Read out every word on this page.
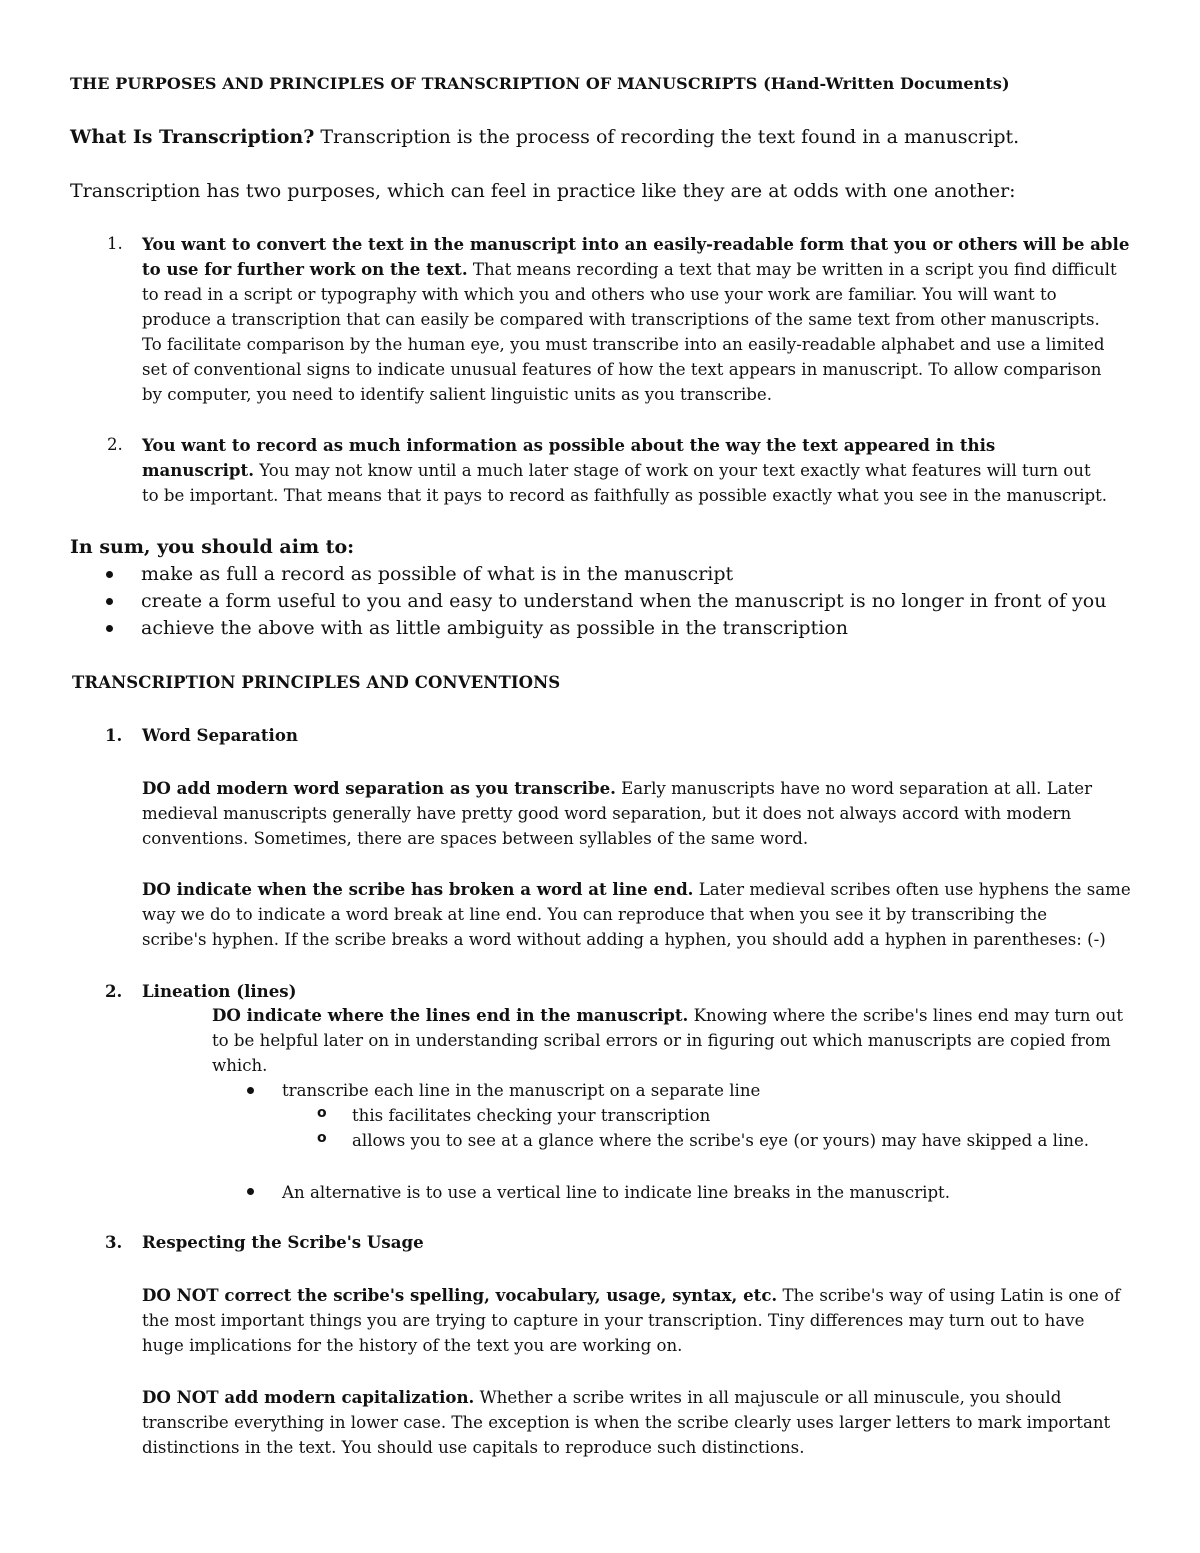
THE PURPOSES AND PRINCIPLES OF TRANSCRIPTION OF MANUSCRIPTS (Hand-Written Documents)
What Is Transcription? Transcription is the process of recording the text found in a manuscript.
Transcription has two purposes, which can feel in practice like they are at odds with one another:
1. You want to convert the text in the manuscript into an easily-readable form that you or others will be able
to use for further work on the text. That means recording a text that may be written in a script you find difficult
to read in a script or typography with which you and others who use your work are familiar. You will want to
produce a transcription that can easily be compared with transcriptions of the same text from other manuscripts.
To facilitate comparison by the human eye, you must transcribe into an easily-readable alphabet and use a limited
set of conventional signs to indicate unusual features of how the text appears in manuscript. To allow comparison
by computer, you need to identify salient linguistic units as you transcribe.
2. You want to record as much information as possible about the way the text appeared in this
manuscript. You may not know until a much later stage of work on your text exactly what features will turn out
to be important. That means that it pays to record as faithfully as possible exactly what you see in the manuscript.
In sum, you should aim to:
make as full a record as possible of what is in the manuscript
create a form useful to you and easy to understand when the manuscript is no longer in front of you
achieve the above with as little ambiguity as possible in the transcription
TRANSCRIPTION PRINCIPLES AND CONVENTIONS
1. Word Separation
DO add modern word separation as you transcribe. Early manuscripts have no word separation at all. Later
medieval manuscripts generally have pretty good word separation, but it does not always accord with modern
conventions. Sometimes, there are spaces between syllables of the same word.
DO indicate when the scribe has broken a word at line end. Later medieval scribes often use hyphens the same
way we do to indicate a word break at line end. You can reproduce that when you see it by transcribing the
scribe's hyphen. If the scribe breaks a word without adding a hyphen, you should add a hyphen in parentheses: (-)
2. Lineation (lines)
DO indicate where the lines end in the manuscript. Knowing where the scribe's lines end may turn out
to be helpful later on in understanding scribal errors or in figuring out which manuscripts are copied from
which.
transcribe each line in the manuscript on a separate line
o this facilitates checking your transcription
o allows you to see at a glance where the scribe's eye (or yours) may have skipped a line.
An alternative is to use a vertical line to indicate line breaks in the manuscript.
3. Respecting the Scribe's Usage
DO NOT correct the scribe's spelling, vocabulary, usage, syntax, etc. The scribe's way of using Latin is one of
the most important things you are trying to capture in your transcription. Tiny differences may turn out to have
huge implications for the history of the text you are working on.
DO NOT add modern capitalization. Whether a scribe writes in all majuscule or all minuscule, you should
transcribe everything in lower case. The exception is when the scribe clearly uses larger letters to mark important
distinctions in the text. You should use capitals to reproduce such distinctions.
